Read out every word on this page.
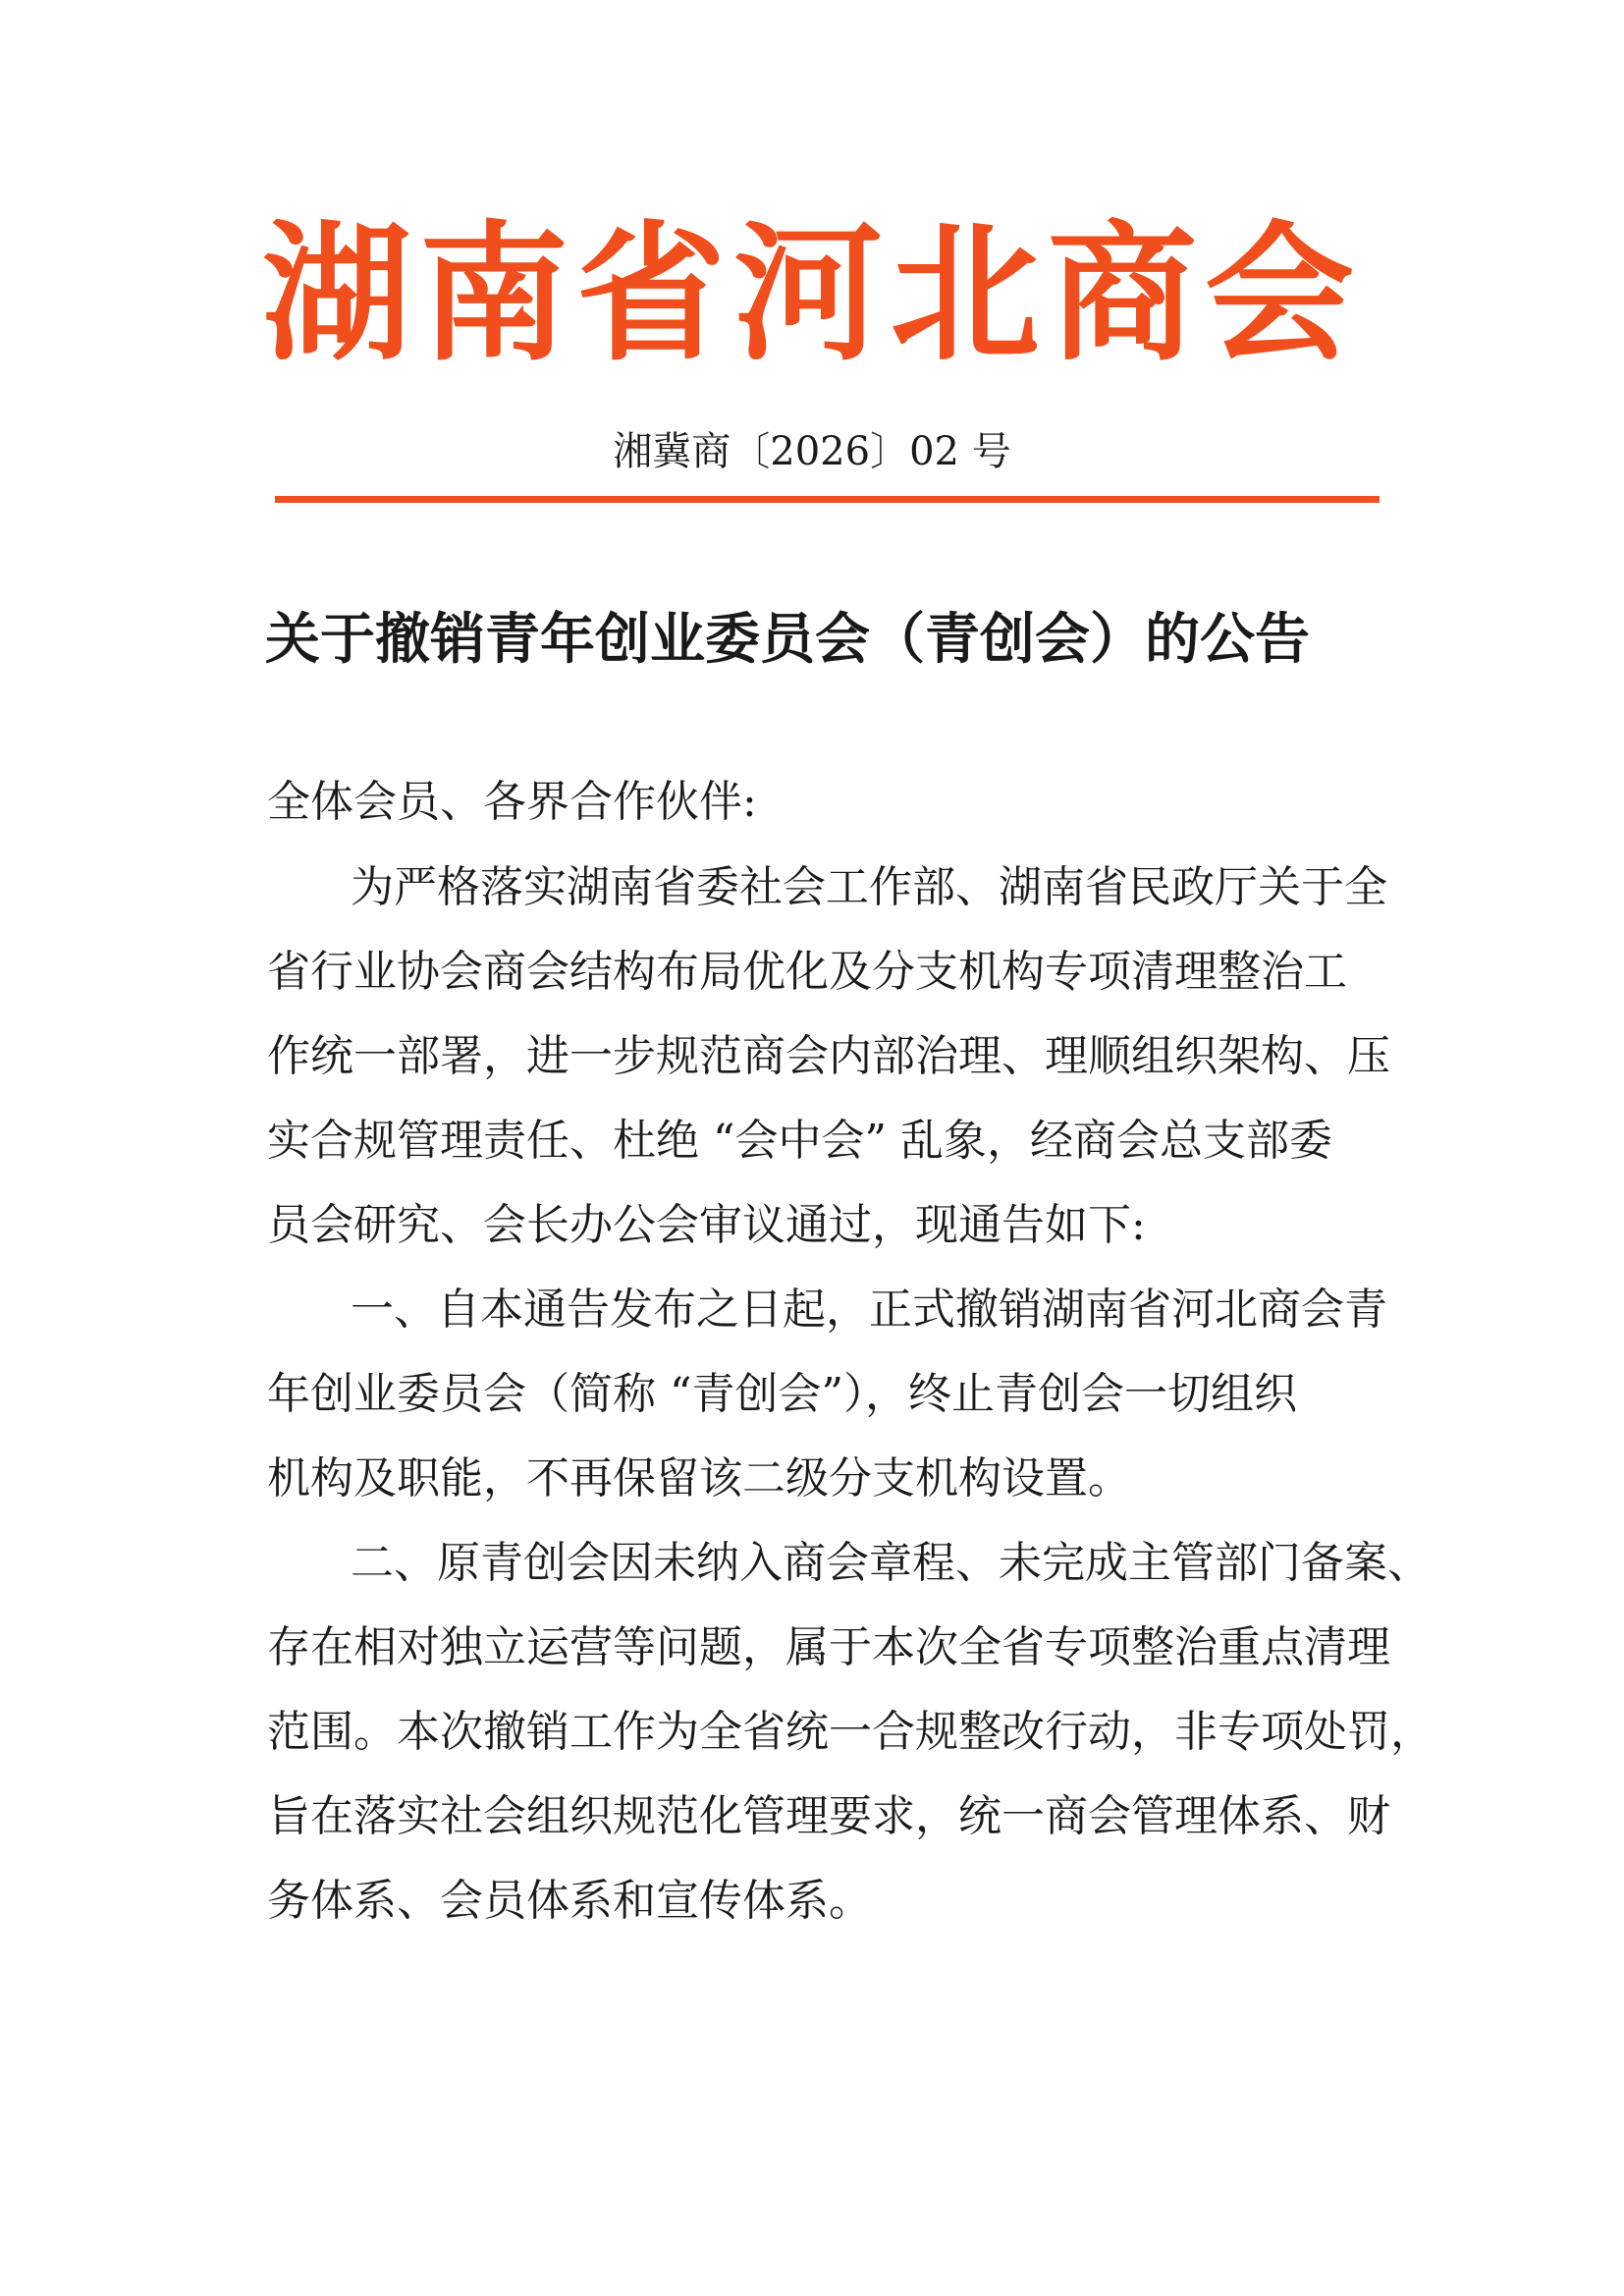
湖南省河北商会
湘冀商〔2026〕02 号
关于撤销青年创业委员会（青创会）的公告
全体会员、各界合作伙伴:
为严格落实湖南省委社会工作部、湖南省民政厅关于全
省行业协会商会结构布局优化及分支机构专项清理整治工
作统一部署，进一步规范商会内部治理、理顺组织架构、压
实合规管理责任、杜绝 “会中会” 乱象，经商会总支部委
员会研究、会长办公会审议通过，现通告如下:
一、自本通告发布之日起，正式撤销湖南省河北商会青
年创业委员会（简称 “青创会”），终止青创会一切组织
机构及职能，不再保留该二级分支机构设置。
二、原青创会因未纳入商会章程、未完成主管部门备案、
存在相对独立运营等问题，属于本次全省专项整治重点清理
范围。本次撤销工作为全省统一合规整改行动，非专项处罚，
旨在落实社会组织规范化管理要求，统一商会管理体系、财
务体系、会员体系和宣传体系。
